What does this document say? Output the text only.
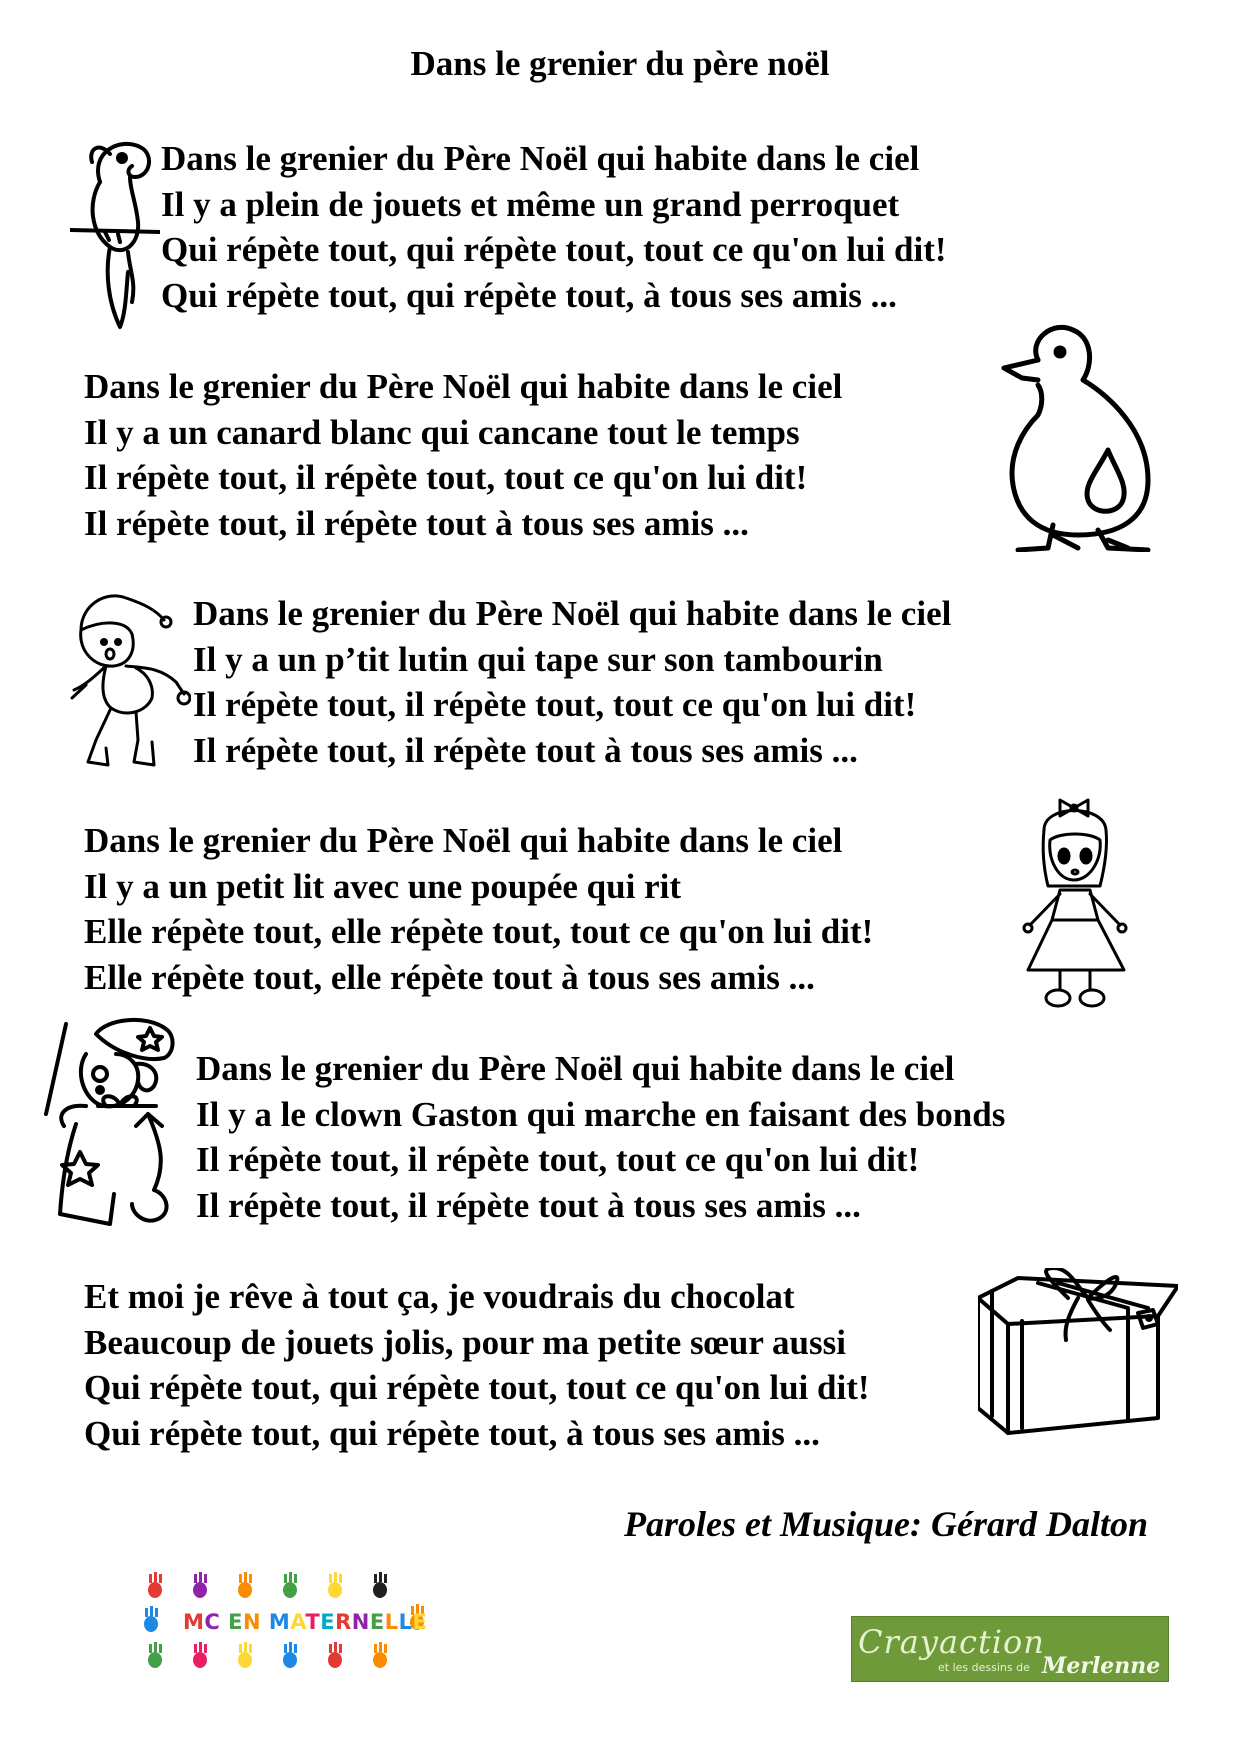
Dans le grenier du père noël
Dans le grenier du Père Noël qui habite dans le ciel
Il y a plein de jouets et même un grand perroquet
Qui répète tout, qui répète tout, tout ce qu'on lui dit!
Qui répète tout, qui répète tout, à tous ses amis ...
Dans le grenier du Père Noël qui habite dans le ciel
Il y a un canard blanc qui cancane tout le temps
Il répète tout, il répète tout, tout ce qu'on lui dit!
Il répète tout, il répète tout à tous ses amis ...
Dans le grenier du Père Noël qui habite dans le ciel
Il y a un p’tit lutin qui tape sur son tambourin
Il répète tout, il répète tout, tout ce qu'on lui dit!
Il répète tout, il répète tout à tous ses amis ...
Dans le grenier du Père Noël qui habite dans le ciel
Il y a un petit lit avec une poupée qui rit
Elle répète tout, elle répète tout, tout ce qu'on lui dit!
Elle répète tout, elle répète tout à tous ses amis ...
Dans le grenier du Père Noël qui habite dans le ciel
Il y a le clown Gaston qui marche en faisant des bonds
Il répète tout, il répète tout, tout ce qu'on lui dit!
Il répète tout, il répète tout à tous ses amis ...
Et moi je rêve à tout ça, je voudrais du chocolat
Beaucoup de jouets jolis, pour ma petite sœur aussi
Qui répète tout, qui répète tout, tout ce qu'on lui dit!
Qui répète tout, qui répète tout, à tous ses amis ...

Paroles et Musique: Gérard Dalton

MC EN MATERNELLE
Crayaction
et les dessins de Merlenne
